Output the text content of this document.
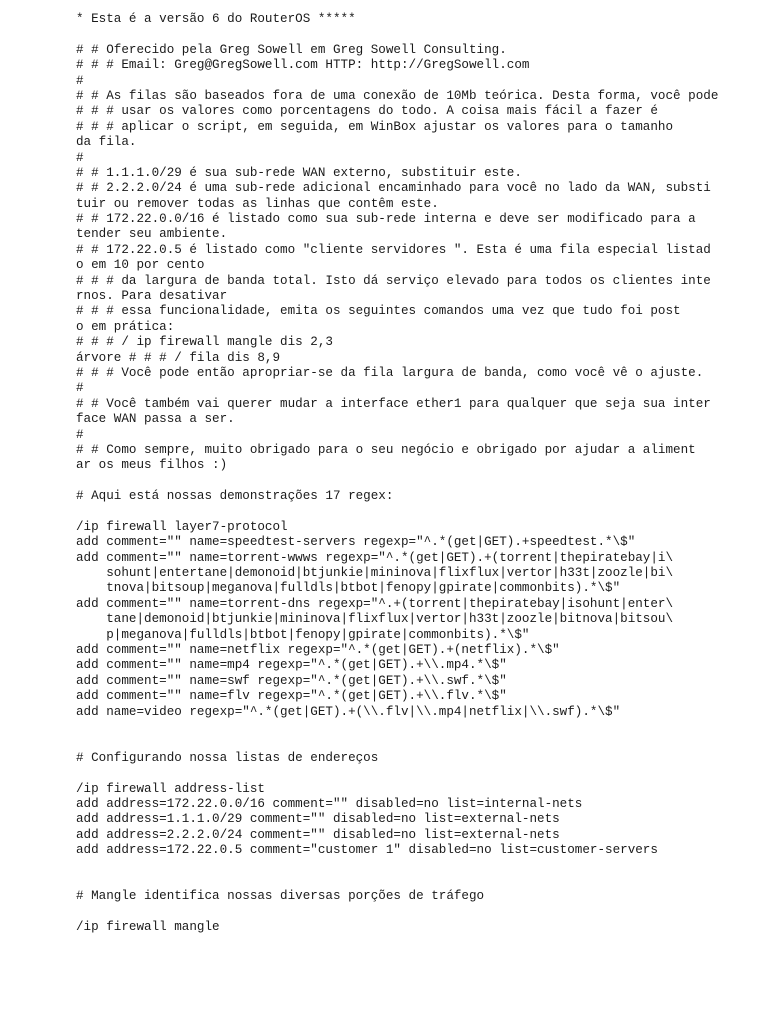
* Esta é a versão 6 do RouterOS *****
# # Oferecido pela Greg Sowell em Greg Sowell Consulting.
# # # Email: Greg@GregSowell.com HTTP: http://GregSowell.com
#
# # As filas são baseados fora de uma conexão de 10Mb teórica. Desta forma, você pode
# # # usar os valores como porcentagens do todo. A coisa mais fácil a fazer é
# # # aplicar o script, em seguida, em WinBox ajustar os valores para o tamanho
da fila.
#
# # 1.1.1.0/29 é sua sub-rede WAN externo, substituir este.
# # 2.2.2.0/24 é uma sub-rede adicional encaminhado para você no lado da WAN, substi
tuir ou remover todas as linhas que contêm este.
# # 172.22.0.0/16 é listado como sua sub-rede interna e deve ser modificado para a
tender seu ambiente.
# # 172.22.0.5 é listado como "cliente servidores ". Esta é uma fila especial listad
o em 10 por cento
# # # da largura de banda total. Isto dá serviço elevado para todos os clientes inte
rnos. Para desativar
# # # essa funcionalidade, emita os seguintes comandos uma vez que tudo foi post
o em prática:
# # # / ip firewall mangle dis 2,3
árvore # # # / fila dis 8,9
# # # Você pode então apropriar-se da fila largura de banda, como você vê o ajuste.
#
# # Você também vai querer mudar a interface ether1 para qualquer que seja sua inter
face WAN passa a ser.
#
# # Como sempre, muito obrigado para o seu negócio e obrigado por ajudar a aliment
ar os meus filhos :)
# Aqui está nossas demonstrações 17 regex:
/ip firewall layer7-protocol
add comment="" name=speedtest-servers regexp="^.*(get|GET).+speedtest.*\$"
add comment="" name=torrent-wwws regexp="^.*(get|GET).+(torrent|thepiratebay|i\
sohunt|entertane|demonoid|btjunkie|mininova|flixflux|vertor|h33t|zoozle|bi\
tnova|bitsoup|meganova|fulldls|btbot|fenopy|gpirate|commonbits).*\$"
add comment="" name=torrent-dns regexp="^.+(torrent|thepiratebay|isohunt|enter\
tane|demonoid|btjunkie|mininova|flixflux|vertor|h33t|zoozle|bitnova|bitsou\
p|meganova|fulldls|btbot|fenopy|gpirate|commonbits).*\$"
add comment="" name=netflix regexp="^.*(get|GET).+(netflix).*\$"
add comment="" name=mp4 regexp="^.*(get|GET).+\\.mp4.*\$"
add comment="" name=swf regexp="^.*(get|GET).+\\.swf.*\$"
add comment="" name=flv regexp="^.*(get|GET).+\\.flv.*\$"
add name=video regexp="^.*(get|GET).+(\\.flv|\\.mp4|netflix|\\.swf).*\$"
# Configurando nossa listas de endereços
/ip firewall address-list
add address=172.22.0.0/16 comment="" disabled=no list=internal-nets
add address=1.1.1.0/29 comment="" disabled=no list=external-nets
add address=2.2.2.0/24 comment="" disabled=no list=external-nets
add address=172.22.0.5 comment="customer 1" disabled=no list=customer-servers
# Mangle identifica nossas diversas porções de tráfego
/ip firewall mangle
